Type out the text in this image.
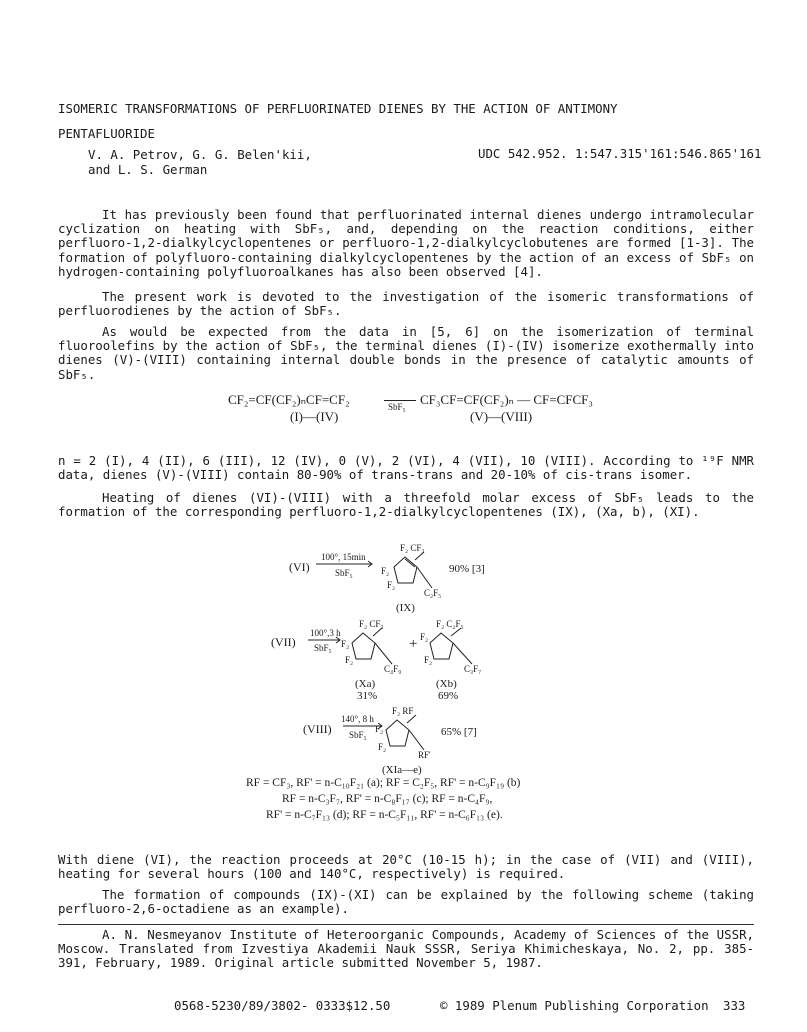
ISOMERIC TRANSFORMATIONS OF PERFLUORINATED DIENES BY THE ACTION OF ANTIMONY
PENTAFLUORIDE
V. A. Petrov, G. G. Belen'kii,
and L. S. German
UDC 542.952. 1:547.315'161:546.865'161
It has previously been found that perfluorinated internal dienes undergo intramolecular cyclization on heating with SbF₅, and, depending on the reaction conditions, either perfluoro-1,2-dialkylcyclopentenes or perfluoro-1,2-dialkylcyclobutenes are formed [1-3]. The formation of polyfluoro-containing dialkylcyclopentenes by the action of an excess of SbF₅ on hydrogen-containing polyfluoroalkanes has also been observed [4].
The present work is devoted to the investigation of the isomeric transformations of perfluorodienes by the action of SbF₅.
As would be expected from the data in [5, 6] on the isomerization of terminal fluoroolefins by the action of SbF₅, the terminal dienes (I)-(IV) isomerize exothermally into dienes (V)-(VIII) containing internal double bonds in the presence of catalytic amounts of SbF₅.
CF₂=CF(CF₂)ₙCF=CF₂	SbF₅ CF₃CF=CF(CF₂)ₙ — CF=CFCF₃
(I)—(IV)	(V)—(VIII)
n = 2 (I), 4 (II), 6 (III), 12 (IV), 0 (V), 2 (VI), 4 (VII), 10 (VIII). According to ¹⁹F NMR data, dienes (V)-(VIII) contain 80-90% of trans-trans and 20-10% of cis-trans isomer.
Heating of dienes (VI)-(VIII) with a threefold molar excess of SbF₅ leads to the formation of the corresponding perfluoro-1,2-dialkylcyclopentenes (IX), (Xa, b), (XI).
(VI)
100°, 15min
SbF₅
F₂ CF₃
F₂
F₂
C₂F₅
90% [3]
(IX)
(VII)
100°,3 h
SbF₅
F₂ CF₃
F₂
F₂
C₄F₉
+
F₂ C₂F₅
F₂
F₂
C₃F₇
(Xa)
31%
(Xb)
69%
(VIII)
140°, 8 h
SbF₅
F₂ RF
F₂
F₂
RF'
65% [7]
(XIa—e)
RF = CF₃, RF' = n-C₁₀F₂₁ (a); RF = C₂F₅, RF' = n-C₉F₁₉ (b)
RF = n-C₃F₇, RF' = n-C₈F₁₇ (c); RF = n-C₄F₉,
RF' = n-C₇F₁₃ (d); RF = n-C₅F₁₁, RF' = n-C₆F₁₃ (e).
With diene (VI), the reaction proceeds at 20°C (10-15 h); in the case of (VII) and (VIII), heating for several hours (100 and 140°C, respectively) is required.
The formation of compounds (IX)-(XI) can be explained by the following scheme (taking perfluoro-2,6-octadiene as an example).
A. N. Nesmeyanov Institute of Heteroorganic Compounds, Academy of Sciences of the USSR, Moscow. Translated from Izvestiya Akademii Nauk SSSR, Seriya Khimicheskaya, No. 2, pp. 385-391, February, 1989. Original article submitted November 5, 1987.
0568-5230/89/3802- 0333$12.50	© 1989 Plenum Publishing Corporation 333
